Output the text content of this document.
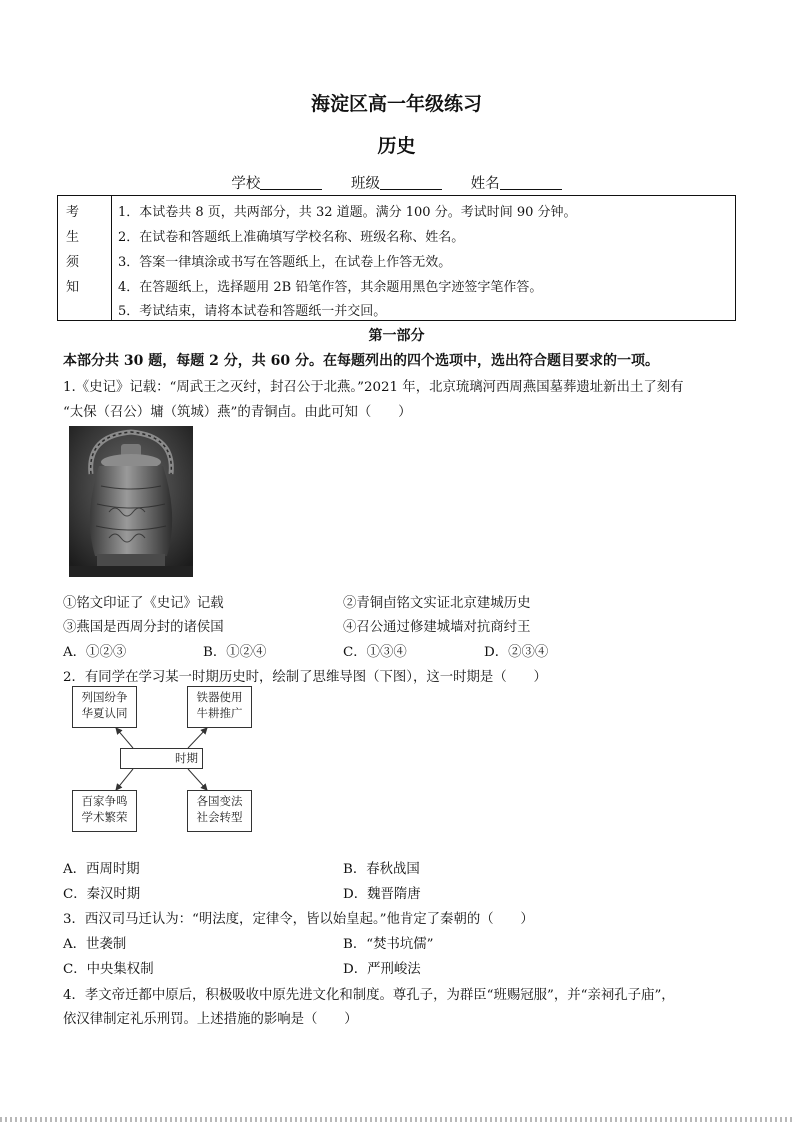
海淀区高一年级练习
历史
学校	班级	姓名
考
生
须
知
1．本试卷共 8 页，共两部分，共 32 道题。满分 100 分。考试时间 90 分钟。
2．在试卷和答题纸上准确填写学校名称、班级名称、姓名。
3．答案一律填涂或书写在答题纸上，在试卷上作答无效。
4．在答题纸上，选择题用 2B 铅笔作答，其余题用黑色字迹签字笔作答。
5．考试结束，请将本试卷和答题纸一并交回。
第一部分
本部分共 30 题，每题 2 分，共 60 分。在每题列出的四个选项中，选出符合题目要求的一项。
1.《史记》记载：“周武王之灭纣，封召公于北燕。”2021 年，北京琉璃河西周燕国墓葬遗址新出土了刻有
“太保（召公）墉（筑城）燕”的青铜卣。由此可知（　　）
①铭文印证了《史记》记载	②青铜卣铭文实证北京建城历史
③燕国是西周分封的诸侯国	④召公通过修建城墙对抗商纣王
A．①②③	B．①②④	C．①③④	D．②③④
2．有同学在学习某一时期历史时，绘制了思维导图（下图），这一时期是（　　）
列国纷争
华夏认同
铁器使用
牛耕推广
时期
百家争鸣
学术繁荣
各国变法
社会转型
A．西周时期	B．春秋战国
C．秦汉时期	D．魏晋隋唐
3．西汉司马迁认为：“明法度，定律令，皆以始皇起。”他肯定了秦朝的（　　）
A．世袭制	B．“焚书坑儒”
C．中央集权制	D．严刑峻法
4．孝文帝迁都中原后，积极吸收中原先进文化和制度。尊孔子，为群臣“班赐冠服”，并“亲祠孔子庙”，
依汉律制定礼乐刑罚。上述措施的影响是（　　）
